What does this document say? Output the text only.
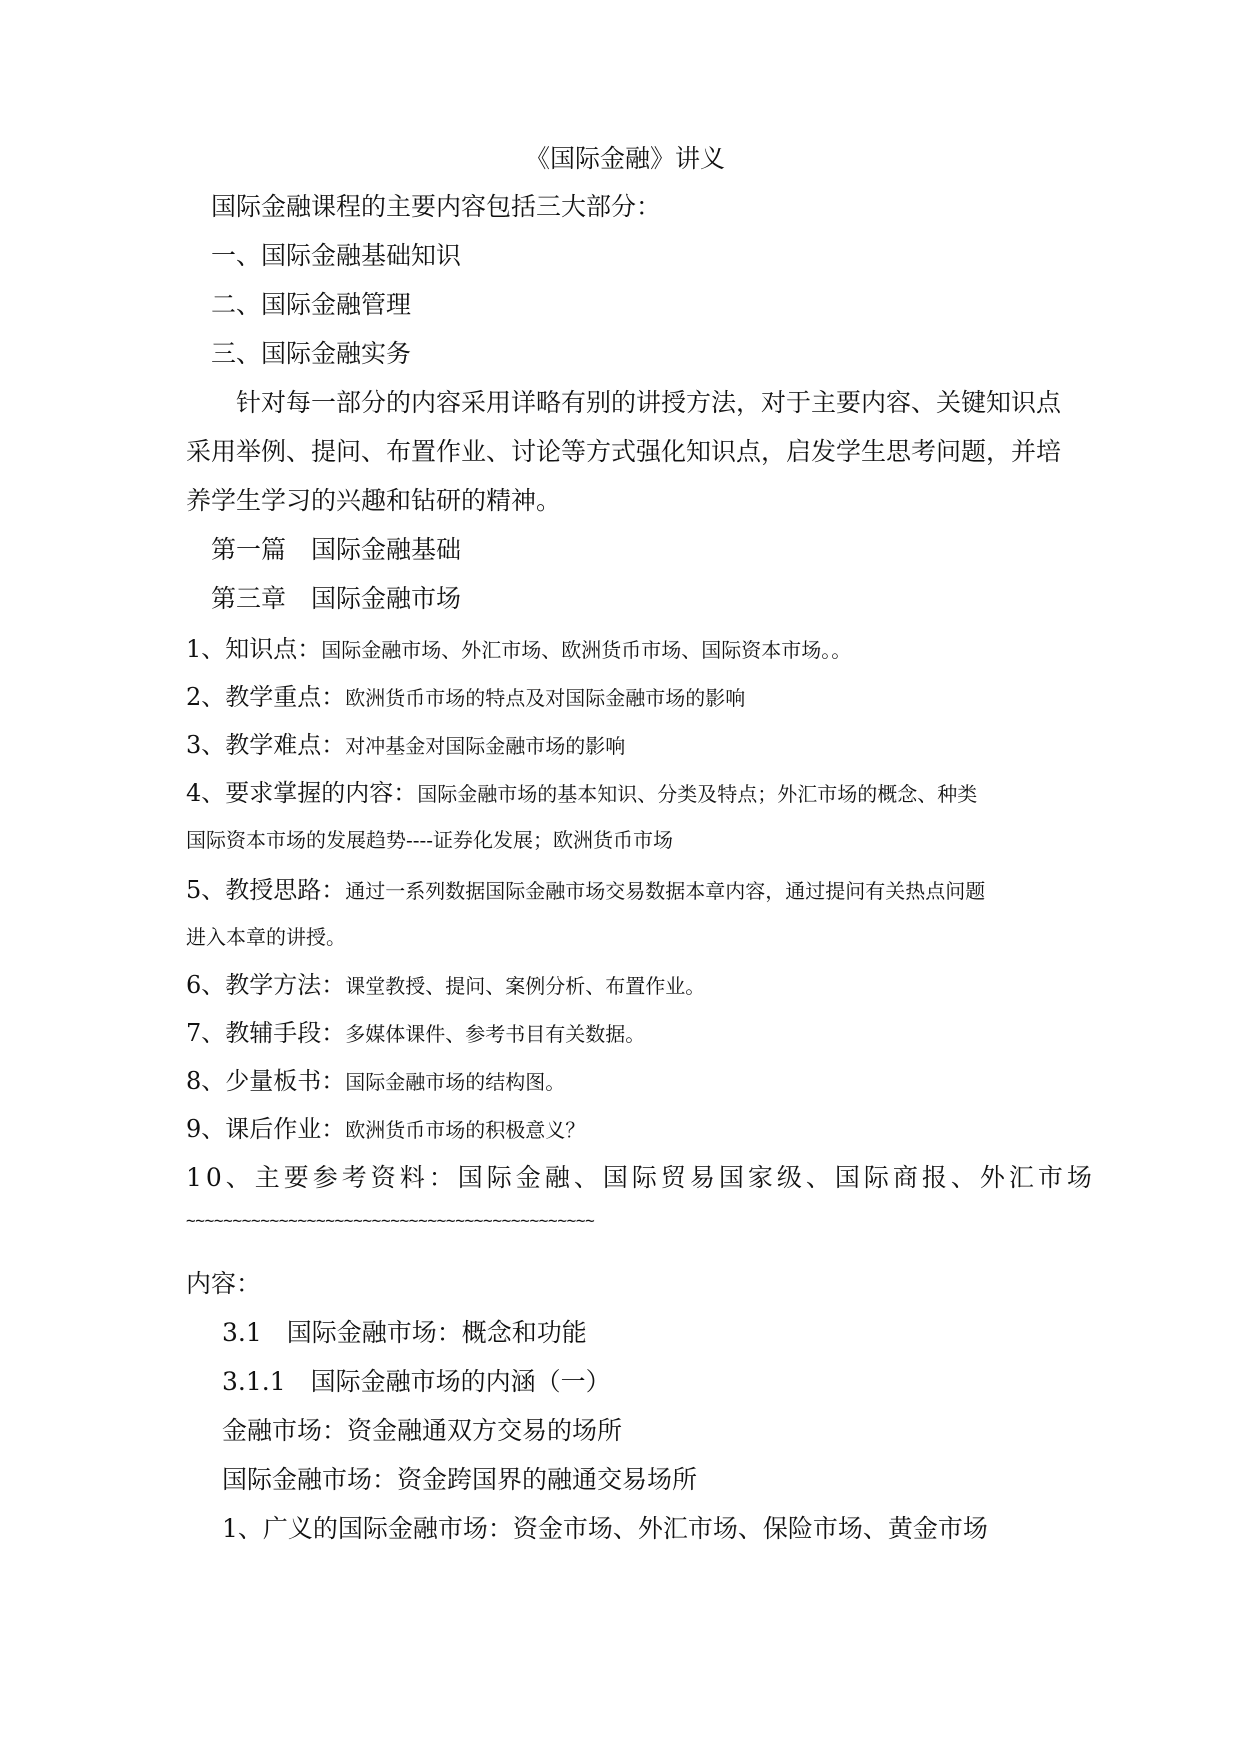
《国际金融》讲义
国际金融课程的主要内容包括三大部分：
一、国际金融基础知识
二、国际金融管理
三、国际金融实务
针对每一部分的内容采用详略有别的讲授方法，对于主要内容、关键知识点
采用举例、提问、布置作业、讨论等方式强化知识点，启发学生思考问题，并培
养学生学习的兴趣和钻研的精神。
第一篇　国际金融基础
第三章　国际金融市场
1、知识点：国际金融市场、外汇市场、欧洲货币市场、国际资本市场。。
2、教学重点：欧洲货币市场的特点及对国际金融市场的影响
3、教学难点：对冲基金对国际金融市场的影响
4、要求掌握的内容：国际金融市场的基本知识、分类及特点；外汇市场的概念、种类
国际资本市场的发展趋势----证券化发展；欧洲货币市场
5、教授思路：通过一系列数据国际金融市场交易数据本章内容，通过提问有关热点问题
进入本章的讲授。
6、教学方法：课堂教授、提问、案例分析、布置作业。
7、教辅手段：多媒体课件、参考书目有关数据。
8、少量板书：国际金融市场的结构图。
9、课后作业：欧洲货币市场的积极意义？
10、主要参考资料：国际金融、国际贸易国家级、国际商报、外汇市场
~~~~~~~~~~~~~~~~~~~~~~~~~~~~~~~~~~~~~~~~~~~~
内容：
3.1　国际金融市场：概念和功能
3.1.1　国际金融市场的内涵（一）
金融市场：资金融通双方交易的场所
国际金融市场：资金跨国界的融通交易场所
1、广义的国际金融市场：资金市场、外汇市场、保险市场、黄金市场
